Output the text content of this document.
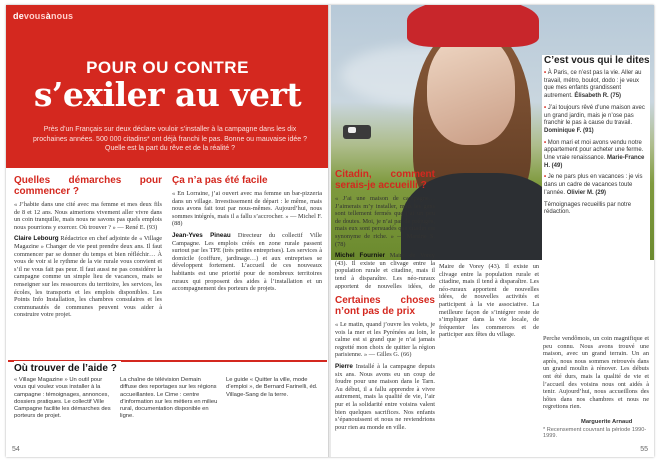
devousànous
POUR OU CONTRE
s’exiler au vert
Près d’un Français sur deux déclare vouloir s’installer à la campagne dans les dix prochaines années. 500 000 citadins* ont déjà franchi le pas. Bonne ou mauvaise idée ? Quelle est la part du rêve et de la réalité ?
Quelles démarches pour commencer ?
« J’habite dans une cité avec ma femme et mes deux fils de 8 et 12 ans. Nous aimerions vivement aller vivre dans un coin tranquille, mais nous ne savons pas quels emplois nous pourrions y exercer. Où trouver ? » — René E. (93)
Claire Lebourg Rédactrice en chef adjointe de « Village Magazine » Changer de vie peut prendre deux ans. Il faut commencer par se donner du temps et bien réfléchir… À vous de voir si le rythme de la vie rurale vous convient et s’il ne vous fait pas peur. Il faut aussi ne pas considérer la campagne comme un simple lieu de vacances, mais se renseigner sur les ressources du territoire, les services, les écoles, les transports et les emplois disponibles. Les Points Info Installation, les chambres consulaires et les communautés de communes peuvent vous aider à construire votre projet.
Ça n’a pas été facile
« En Lorraine, j’ai ouvert avec ma femme un bar-pizzeria dans un village. Investissement de départ : le même, mais nous avons fait tout par nous-mêmes. Aujourd’hui, nous sommes intégrés, mais il a fallu s’accrocher. » — Michel F. (88)
Jean-Yves Pineau Directeur du collectif Ville Campagne. Les emplois créés en zone rurale passent surtout par les TPE (très petites entreprises). Les services à domicile (coiffure, jardinage…) et aux entreprises se développent fortement. L’accueil de ces nouveaux habitants est une priorité pour de nombreux territoires ruraux qui proposent des aides à l’installation et un accompagnement des porteurs de projets.
Où trouver de l’aide ?
« Village Magazine » Un outil pour vous qui voulez vous installer à la campagne : témoignages, annonces, dossiers pratiques. Le collectif Ville Campagne facilite les démarches des porteurs de projet.
La chaîne de télévision Demain diffuse des reportages sur les régions accueillantes. Le Cime : centre d’information sur les métiers en milieu rural, documentation disponible en ligne.
Le guide « Quitter la ville, mode d’emploi », de Bernard Farinelli, éd. Village-Sang de la terre.
54
C’est vous qui le dites
• À Paris, ce n’est pas la vie. Aller au travail, métro, boulot, dodo : je veux que mes enfants grandissent autrement. Élisabeth R. (75)
• J’ai toujours rêvé d’une maison avec un grand jardin, mais je n’ose pas franchir le pas à cause du travail. Dominique F. (91)
• Mon mari et moi avons vendu notre appartement pour acheter une ferme. Une vraie renaissance. Marie-France H. (49)
• Je ne pars plus en vacances : je vis dans un cadre de vacances toute l’année. Olivier M. (29)
Témoignages recueillis par notre rédaction.
Citadin, comment serais-je accueilli ?
« J’ai une maison de campagne… J’aimerais m’y installer, mais les gens sont tellement fermés que j’ai un peu de doutes. Moi, je n’ai pas de préjugés, mais eux sont persuadés que citadin est synonyme de riche. » — Martine S. (78)
Michel Fournier Maire de Vorey (43). Il existe un clivage entre la population rurale et citadine, mais il tend à disparaître. Les néo-ruraux apportent de nouvelles idées, de
Maire de Vorey (43). Il existe un clivage entre la population rurale et citadine, mais il tend à disparaître. Les néo-ruraux apportent de nouvelles idées, de nouvelles activités et participent à la vie associative. La meilleure façon de s’intégrer reste de s’impliquer dans la vie locale, de fréquenter les commerces et de participer aux fêtes du village.
Certaines choses n’ont pas de prix
« Le matin, quand j’ouvre les volets, je vois la mer et les Pyrénées au loin, le calme est si grand que je n’ai jamais regretté mon choix de quitter la région parisienne. » — Gilles G. (66)
Pierre Installé à la campagne depuis six ans. Nous avons eu un coup de foudre pour une maison dans le Tarn. Au début, il a fallu apprendre à vivre autrement, mais la qualité de vie, l’air pur et la solidarité entre voisins valent bien quelques sacrifices. Nos enfants s’épanouissent et nous ne reviendrions pour rien au monde en ville.
Perche vendômois, un coin magnifique et peu connu. Nous avons trouvé une maison, avec un grand terrain. Un an après, nous nous sommes retrouvés dans un grand moulin à rénover. Les débuts ont été durs, mais la qualité de vie et l’accueil des voisins nous ont aidés à tenir. Aujourd’hui, nous accueillons des hôtes dans nos chambres et nous ne regrettons rien.
* Recensement couvrant la période 1990-1999.
Marguerite Arnaud
55
